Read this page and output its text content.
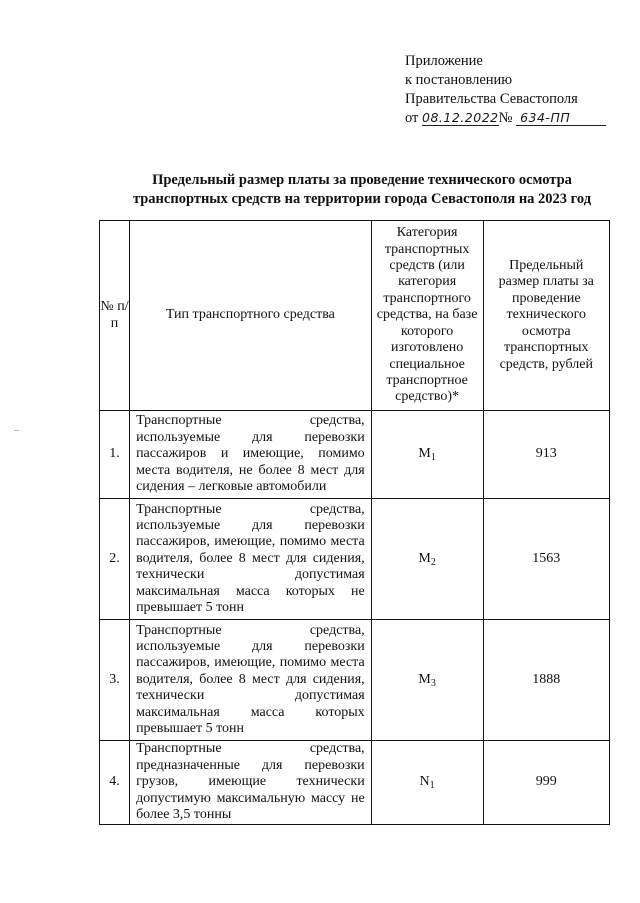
Приложение
к постановлению
Правительства Севастополя
от 08.12.2022№ 634-ПП
Предельный размер платы за проведение технического осмотра
транспортных средств на территории города Севастополя на 2023 год
№ п/п	Тип транспортного средства	Категория транспортных средств (или категория транспортного средства, на базе которого изготовлено специальное транспортное средство)*	Предельный размер платы за проведение технического осмотра транспортных средств, рублей
1.	Транспортные средства, используемые для перевозки пассажиров и имеющие, помимо места водителя, не более 8 мест для сидения – легковые автомобили	$M_1$	913
2.	Транспортные средства, используемые для перевозки пассажиров, имеющие, помимо места водителя, более 8 мест для сидения, технически допустимая максимальная масса которых не превышает 5 тонн	$M_2$	1563
3.	Транспортные средства, используемые для перевозки пассажиров, имеющие, помимо места водителя, более 8 мест для сидения, технически допустимая максимальная масса которых превышает 5 тонн	$M_3$	1888
4.	Транспортные средства, предназначенные для перевозки грузов, имеющие технически допустимую максимальную массу не более 3,5 тонны	$N_1$	999
